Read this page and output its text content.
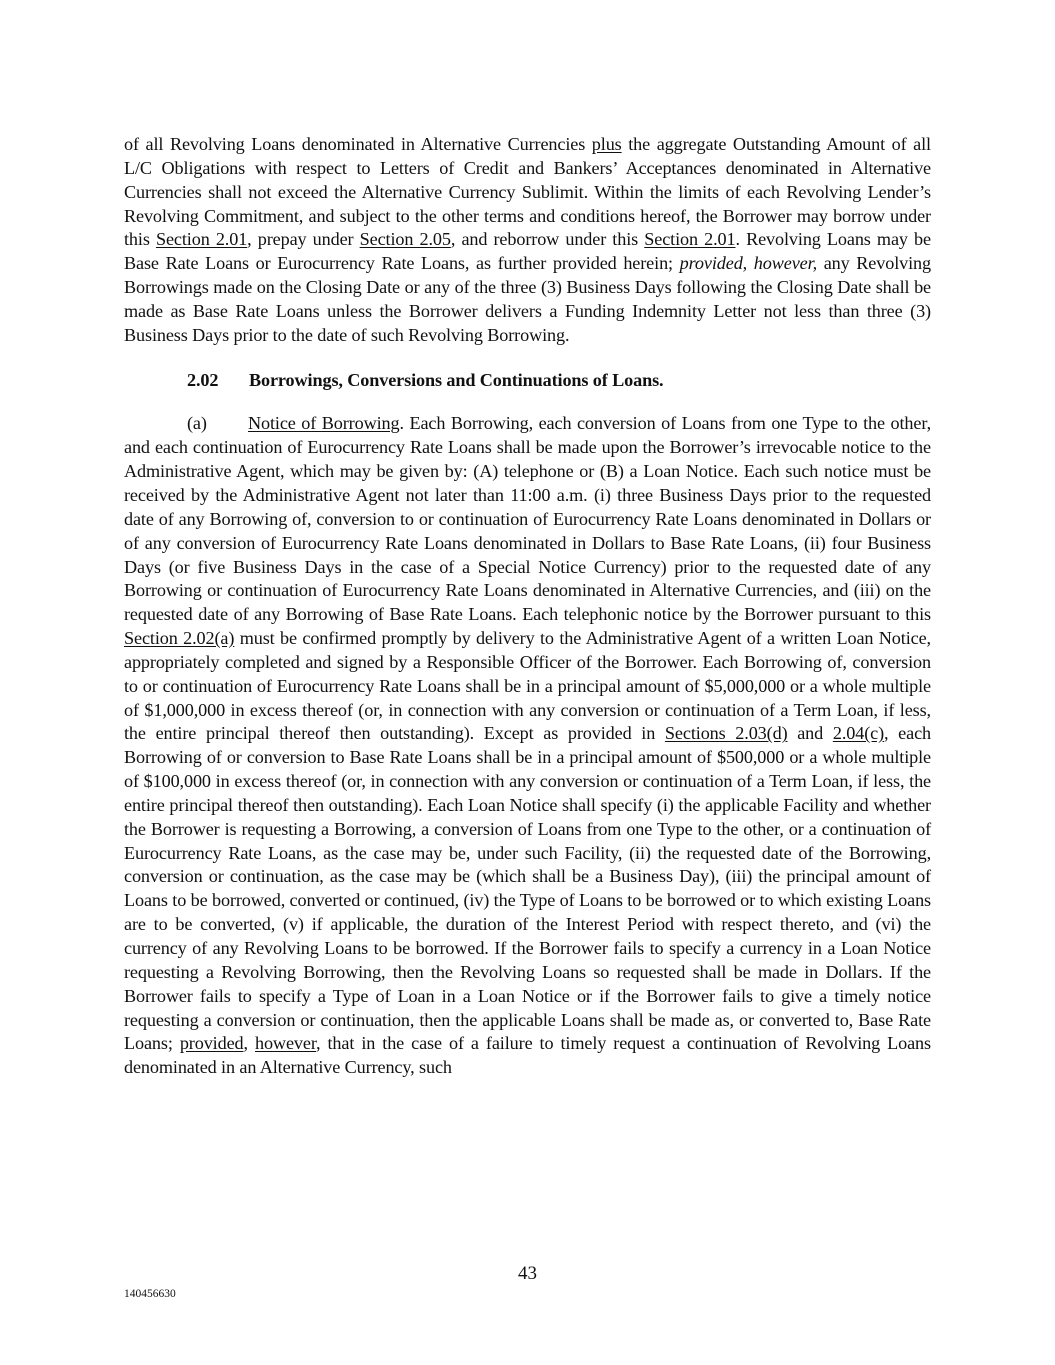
of all Revolving Loans denominated in Alternative Currencies plus the aggregate Outstanding Amount of all L/C Obligations with respect to Letters of Credit and Bankers’ Acceptances denominated in Alternative Currencies shall not exceed the Alternative Currency Sublimit. Within the limits of each Revolving Lender’s Revolving Commitment, and subject to the other terms and conditions hereof, the Borrower may borrow under this Section 2.01, prepay under Section 2.05, and reborrow under this Section 2.01. Revolving Loans may be Base Rate Loans or Eurocurrency Rate Loans, as further provided herein; provided, however, any Revolving Borrowings made on the Closing Date or any of the three (3) Business Days following the Closing Date shall be made as Base Rate Loans unless the Borrower delivers a Funding Indemnity Letter not less than three (3) Business Days prior to the date of such Revolving Borrowing.

2.02 Borrowings, Conversions and Continuations of Loans.

(a) Notice of Borrowing. Each Borrowing, each conversion of Loans from one Type to the other, and each continuation of Eurocurrency Rate Loans shall be made upon the Borrower’s irrevocable notice to the Administrative Agent, which may be given by: (A) telephone or (B) a Loan Notice. Each such notice must be received by the Administrative Agent not later than 11:00 a.m. (i) three Business Days prior to the requested date of any Borrowing of, conversion to or continuation of Eurocurrency Rate Loans denominated in Dollars or of any conversion of Eurocurrency Rate Loans denominated in Dollars to Base Rate Loans, (ii) four Business Days (or five Business Days in the case of a Special Notice Currency) prior to the requested date of any Borrowing or continuation of Eurocurrency Rate Loans denominated in Alternative Currencies, and (iii) on the requested date of any Borrowing of Base Rate Loans. Each telephonic notice by the Borrower pursuant to this Section 2.02(a) must be confirmed promptly by delivery to the Administrative Agent of a written Loan Notice, appropriately completed and signed by a Responsible Officer of the Borrower. Each Borrowing of, conversion to or continuation of Eurocurrency Rate Loans shall be in a principal amount of $5,000,000 or a whole multiple of $1,000,000 in excess thereof (or, in connection with any conversion or continuation of a Term Loan, if less, the entire principal thereof then outstanding). Except as provided in Sections 2.03(d) and 2.04(c), each Borrowing of or conversion to Base Rate Loans shall be in a principal amount of $500,000 or a whole multiple of $100,000 in excess thereof (or, in connection with any conversion or continuation of a Term Loan, if less, the entire principal thereof then outstanding). Each Loan Notice shall specify (i) the applicable Facility and whether the Borrower is requesting a Borrowing, a conversion of Loans from one Type to the other, or a continuation of Eurocurrency Rate Loans, as the case may be, under such Facility, (ii) the requested date of the Borrowing, conversion or continuation, as the case may be (which shall be a Business Day), (iii) the principal amount of Loans to be borrowed, converted or continued, (iv) the Type of Loans to be borrowed or to which existing Loans are to be converted, (v) if applicable, the duration of the Interest Period with respect thereto, and (vi) the currency of any Revolving Loans to be borrowed. If the Borrower fails to specify a currency in a Loan Notice requesting a Revolving Borrowing, then the Revolving Loans so requested shall be made in Dollars. If the Borrower fails to specify a Type of Loan in a Loan Notice or if the Borrower fails to give a timely notice requesting a conversion or continuation, then the applicable Loans shall be made as, or converted to, Base Rate Loans; provided, however, that in the case of a failure to timely request a continuation of Revolving Loans denominated in an Alternative Currency, such

43
140456630
